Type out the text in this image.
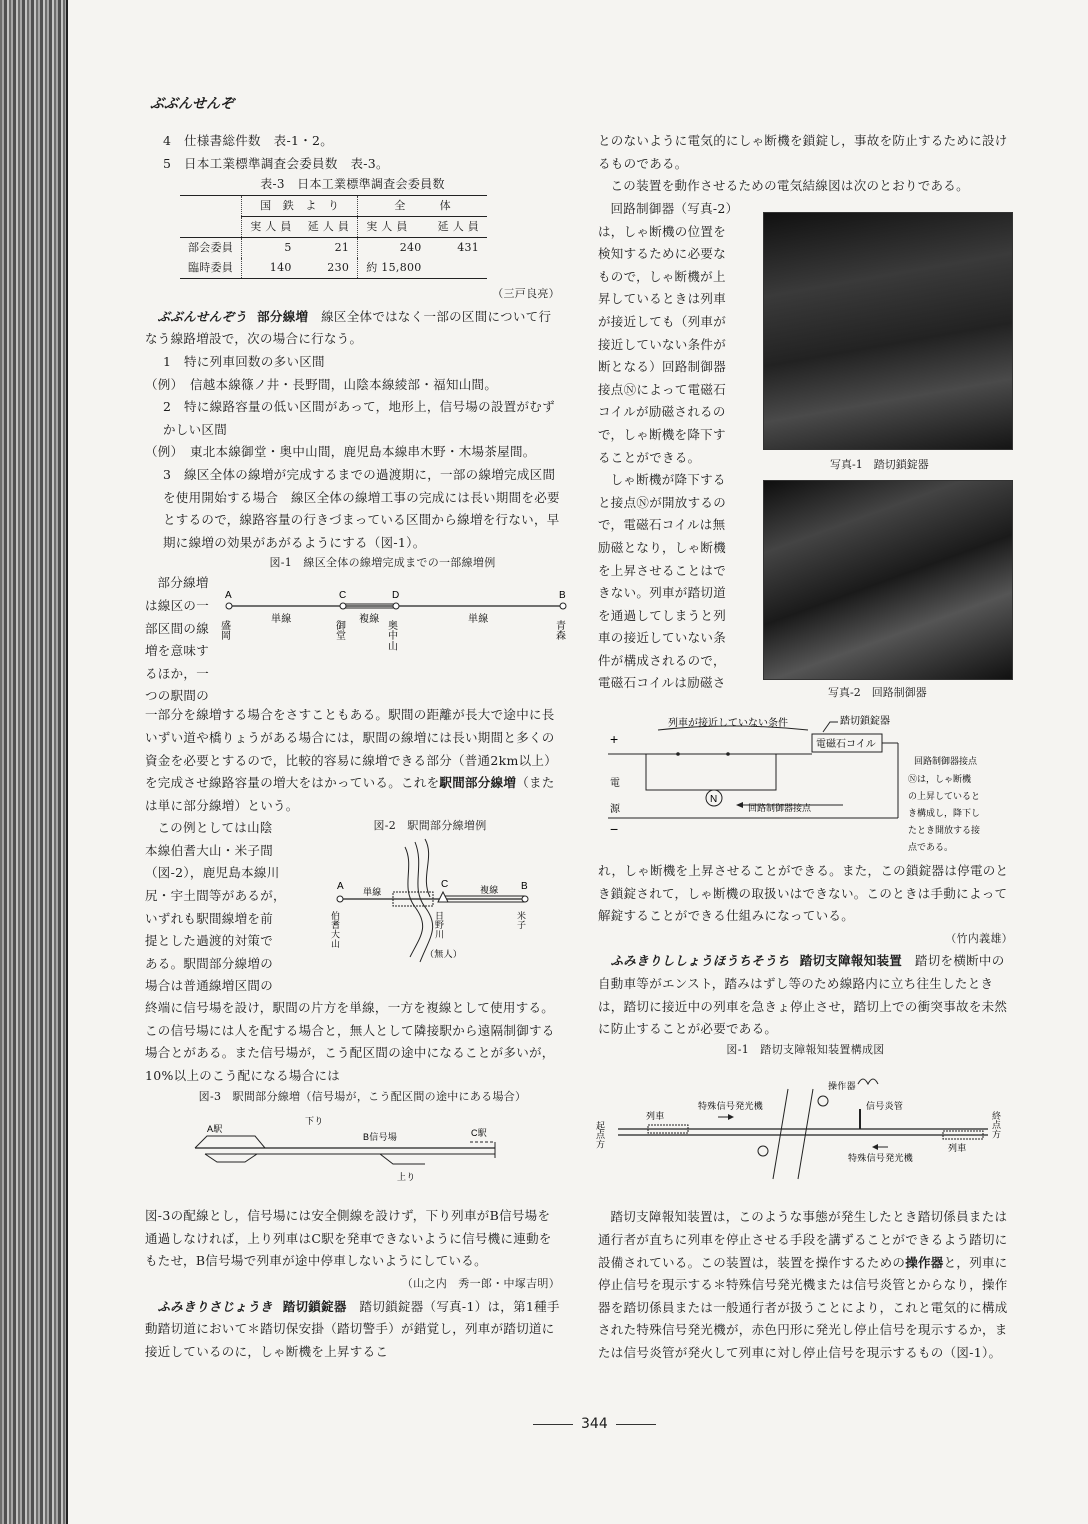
ぶぶんせんぞ

4　仕様書総件数　表-1・2。

5　日本工業標準調査会委員数　表-3。

表-3　日本工業標準調査会委員数
	国　鉄　よ　り		全　　　体	
	実 人 員	延 人 員	実 人 員	延 人 員
部会委員	5	21	240	431
臨時委員	140	230	約 15,800	

（三戸良亮）

ぶぶんせんぞう 部分線増　 線区全体ではなく一部の区間について行なう線路増設で，次の場合に行なう。

1　特に列車回数の多い区間

（例）　信越本線篠ノ井・長野間，山陰本線綾部・福知山間。

2　特に線路容量の低い区間があって，地形上，信号場の設置がむずかしい区間

（例）　東北本線御堂・奥中山間，鹿児島本線串木野・木場茶屋間。

3　線区全体の線増が完成するまでの過渡期に，一部の線増完成区間を使用開始する場合　線区全体の線増工事の完成には長い期間を必要とするので，線路容量の行きづまっている区間から線増を行ない，早期に線増の効果があがるようにする（図-1）。

図-1　線区全体の線増完成までの一部線増例
部分線増
は線区の一
部区間の線
増を意味す
るほか，一
つの駅間の
A	C	D	B
単線	複線	単線
盛岡	御堂	奥中山	青森

一部分を線増する場合をさすこともある。駅間の距離が長大で途中に長いずい道や橋りょうがある場合には，駅間の線増には長い期間と多くの資金を必要とするので，比較的容易に線増できる部分（普通2km以上）を完成させ線路容量の増大をはかっている。これを駅間部分線増（または単に部分線増）という。

この例としては山陰
本線伯耆大山・米子間
（図-2），鹿児島本線川
尻・宇土間等があるが，
いずれも駅間線増を前
提とした過渡的対策で
ある。駅間部分線増の
場合は普通線増区間の
図-2　駅間部分線増例
A	B
C
単線	複線
伯耆大山	米子
日野川
（無人）

終端に信号場を設け，駅間の片方を単線，一方を複線として使用する。この信号場には人を配する場合と，無人として隣接駅から遠隔制御する場合とがある。また信号場が，こう配区間の途中になることが多いが，10%以上のこう配になる場合には

図-3　駅間部分線増（信号場が，こう配区間の途中にある場合）
A駅
B信号場	C駅
下り
上り

図-3の配線とし，信号場には安全側線を設けず，下り列車がB信号場を通過しなければ，上り列車はC駅を発車できないように信号機に連動をもたせ，B信号場で列車が途中停車しないようにしている。

（山之内　秀一郎・中塚吉明）

ふみきりさじょうき 踏切鎖錠器　 踏切鎖錠器（写真-1）は，第1種手動踏切道において＊踏切保安掛（踏切警手）が錯覚し，列車が踏切道に接近しているのに，しゃ断機を上昇するこ

とのないように電気的にしゃ断機を鎖錠し，事故を防止するために設けるものである。

この装置を動作させるための電気結線図は次のとおりである。

回路制御器（写真-2）
は，しゃ断機の位置を
検知するために必要な
もので，しゃ断機が上
昇しているときは列車
が接近しても（列車が
接近していない条件が
断となる）回路制御器
接点Ⓝによって電磁石
コイルが励磁されるの
で，しゃ断機を降下す
ることができる。
しゃ断機が降下する
と接点Ⓝが開放するの
で，電磁石コイルは無
励磁となり，しゃ断機
を上昇させることはで
きない。列車が踏切道
を通過してしまうと列
車の接近していない条
件が構成されるので，
電磁石コイルは励磁さ
写真-1　踏切鎖錠器
写真-2　回路制御器
列車が接近していない条件	踏切鎖錠器
電磁石コイル
+
電
源
−
N
回路制御器接点
回路制御器接点
Ⓝは，しゃ断機
の上昇していると
き構成し，降下し
たとき開放する接
点である。

れ，しゃ断機を上昇させることができる。また，この鎖錠器は停電のとき鎖錠されて，しゃ断機の取扱いはできない。このときは手動によって解錠することができる仕組みになっている。

（竹内義雄）

ふみきりししょうほうちそうち 踏切支障報知装置　 踏切を横断中の自動車等がエンスト，踏みはずし等のため線路内に立ち往生したときは，踏切に接近中の列車を急きょ停止させ，踏切上での衝突事故を未然に防止することが必要である。

図-1　踏切支障報知装置構成図
起点方	終点方
列車
列車
特殊信号発光機
特殊信号発光機
操作器
信号炎管

踏切支障報知装置は，このような事態が発生したとき踏切係員または通行者が直ちに列車を停止させる手段を講ずることができるよう踏切に設備されている。この装置は，装置を操作するための操作器と，列車に停止信号を現示する＊特殊信号発光機または信号炎管とからなり，操作器を踏切係員または一般通行者が扱うことにより，これと電気的に構成された特殊信号発光機が，赤色円形に発光し停止信号を現示するか，または信号炎管が発火して列車に対し停止信号を現示するもの（図-1）。

344
